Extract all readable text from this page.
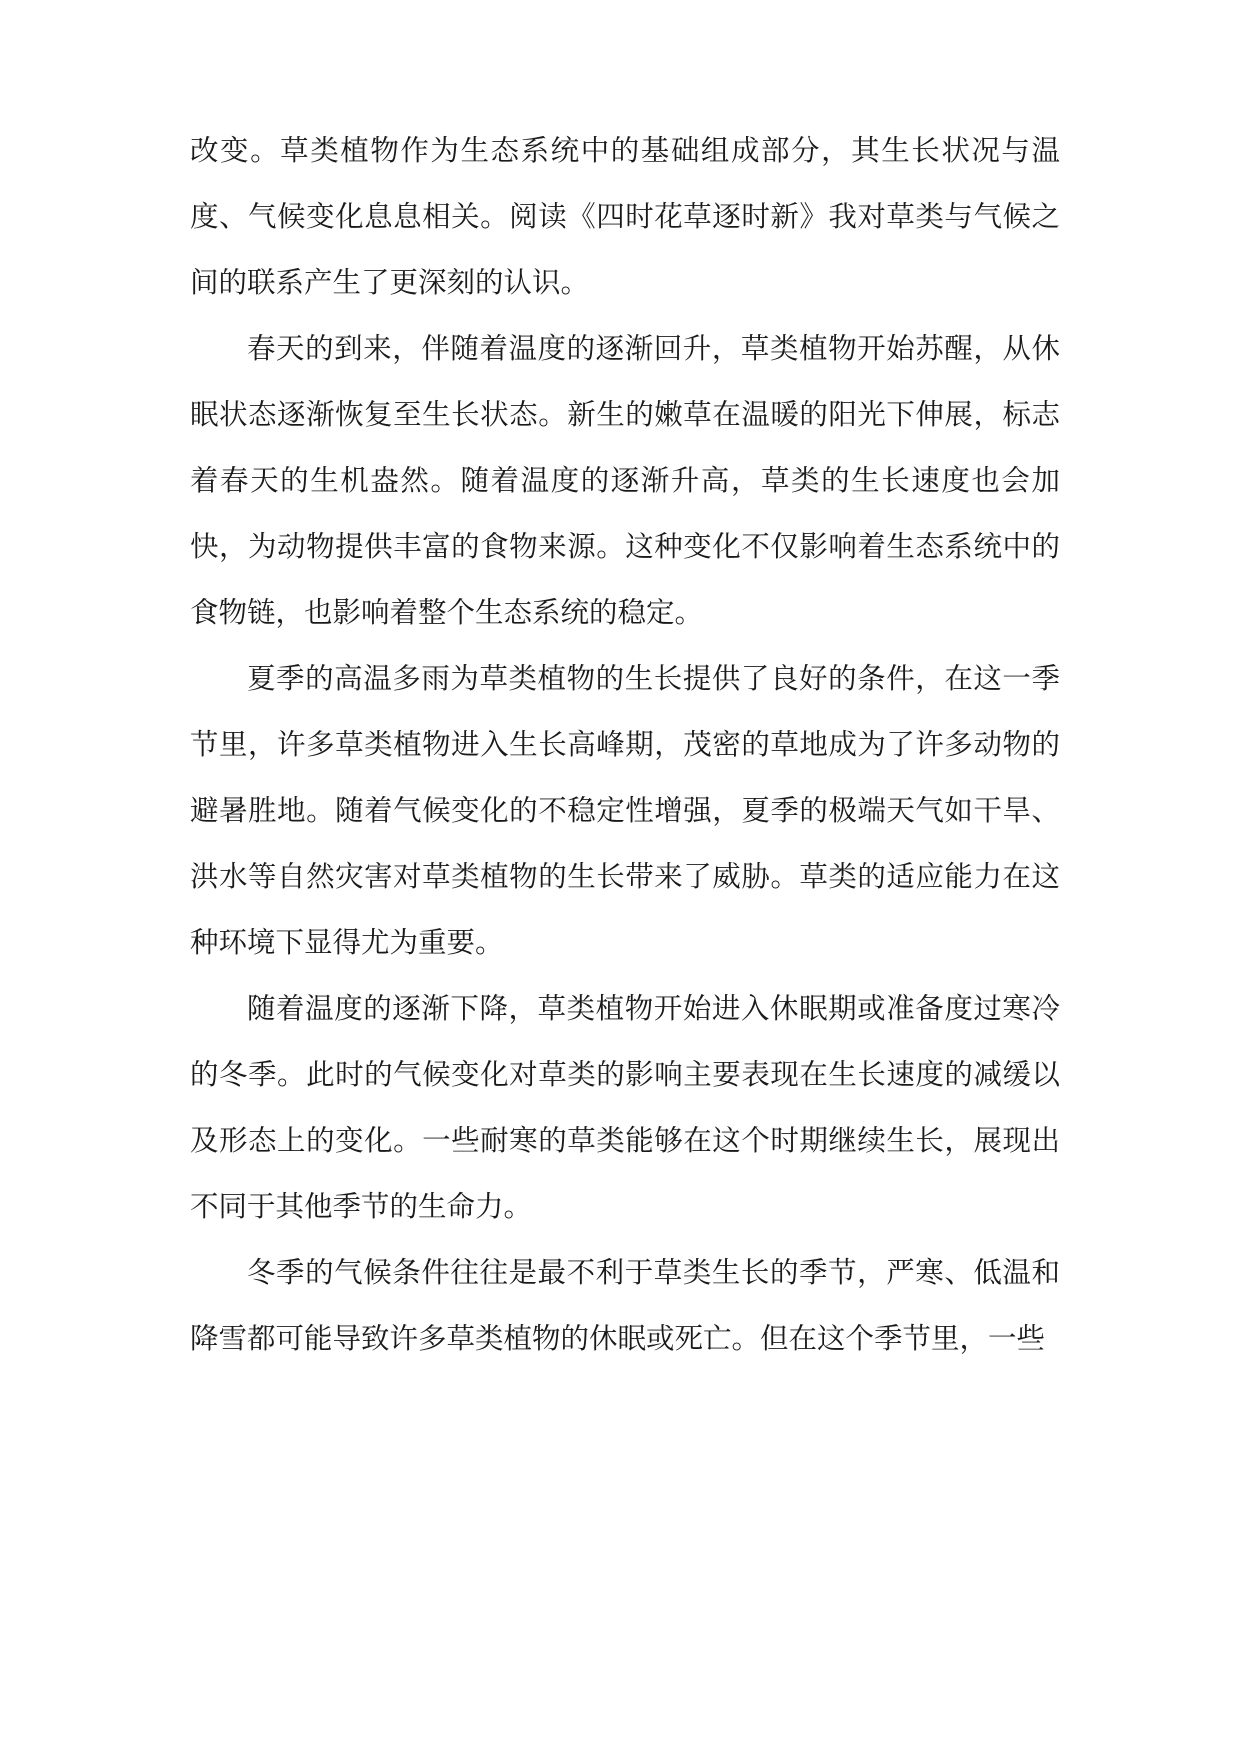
改变。草类植物作为生态系统中的基础组成部分，其生长状况与温度、气候变化息息相关。阅读《四时花草逐时新》我对草类与气候之间的联系产生了更深刻的认识。

春天的到来，伴随着温度的逐渐回升，草类植物开始苏醒，从休眠状态逐渐恢复至生长状态。新生的嫩草在温暖的阳光下伸展，标志着春天的生机盎然。随着温度的逐渐升高，草类的生长速度也会加快，为动物提供丰富的食物来源。这种变化不仅影响着生态系统中的食物链，也影响着整个生态系统的稳定。

夏季的高温多雨为草类植物的生长提供了良好的条件，在这一季节里，许多草类植物进入生长高峰期，茂密的草地成为了许多动物的避暑胜地。随着气候变化的不稳定性增强，夏季的极端天气如干旱、洪水等自然灾害对草类植物的生长带来了威胁。草类的适应能力在这种环境下显得尤为重要。

随着温度的逐渐下降，草类植物开始进入休眠期或准备度过寒冷的冬季。此时的气候变化对草类的影响主要表现在生长速度的减缓以及形态上的变化。一些耐寒的草类能够在这个时期继续生长，展现出不同于其他季节的生命力。

冬季的气候条件往往是最不利于草类生长的季节，严寒、低温和降雪都可能导致许多草类植物的休眠或死亡。但在这个季节里，一些
